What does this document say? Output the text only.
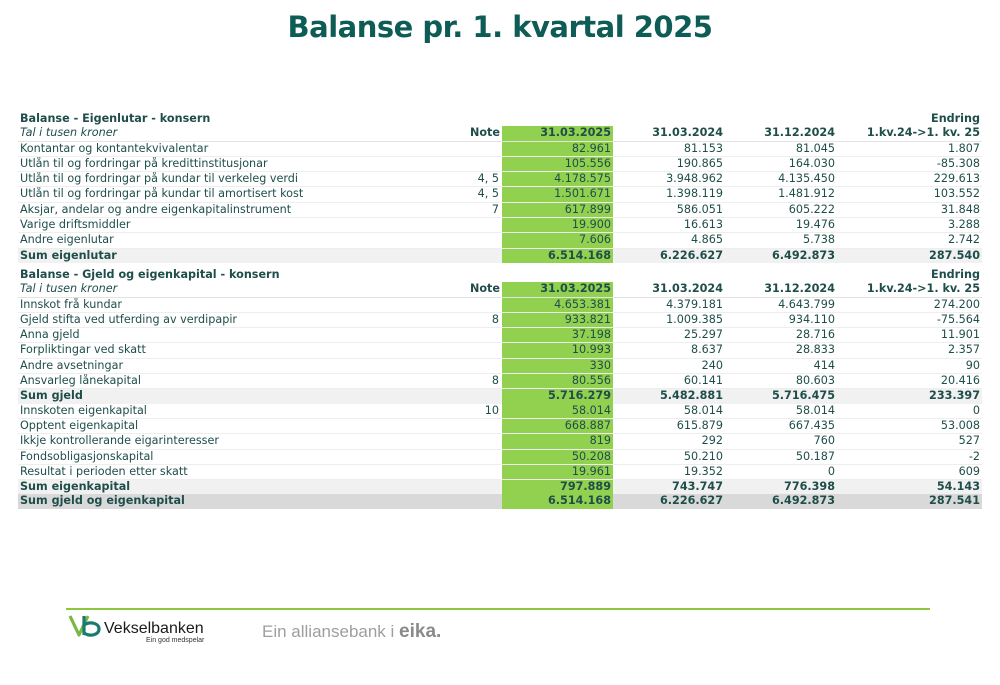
Balanse pr. 1. kvartal 2025
Balanse - Eigenlutar - konsern					Endring
Tal i tusen kroner	Note	31.03.2025	31.03.2024	31.12.2024	1.kv.24->1. kv. 25
Kontantar og kontantekvivalentar		82.961	81.153	81.045	1.807
Utlån til og fordringar på kredittinstitusjonar		105.556	190.865	164.030	-85.308
Utlån til og fordringar på kundar til verkeleg verdi	4, 5	4.178.575	3.948.962	4.135.450	229.613
Utlån til og fordringar på kundar til amortisert kost	4, 5	1.501.671	1.398.119	1.481.912	103.552
Aksjar, andelar og andre eigenkapitalinstrument	7	617.899	586.051	605.222	31.848
Varige driftsmiddler		19.900	16.613	19.476	3.288
Andre eigenlutar		7.606	4.865	5.738	2.742
Sum eigenlutar		6.514.168	6.226.627	6.492.873	287.540
Balanse - Gjeld og eigenkapital - konsern					Endring
Tal i tusen kroner	Note	31.03.2025	31.03.2024	31.12.2024	1.kv.24->1. kv. 25
Innskot frå kundar		4.653.381	4.379.181	4.643.799	274.200
Gjeld stifta ved utferding av verdipapir	8	933.821	1.009.385	934.110	-75.564
Anna gjeld		37.198	25.297	28.716	11.901
Forpliktingar ved skatt		10.993	8.637	28.833	2.357
Andre avsetningar		330	240	414	90
Ansvarleg lånekapital	8	80.556	60.141	80.603	20.416
Sum gjeld		5.716.279	5.482.881	5.716.475	233.397
Innskoten eigenkapital	10	58.014	58.014	58.014	0
Opptent eigenkapital		668.887	615.879	667.435	53.008
Ikkje kontrollerande eigarinteresser		819	292	760	527
Fondsobligasjonskapital		50.208	50.210	50.187	-2
Resultat i perioden etter skatt		19.961	19.352	0	609
Sum eigenkapital		797.889	743.747	776.398	54.143
Sum gjeld og eigenkapital		6.514.168	6.226.627	6.492.873	287.541
Vekselbanken
Ein god medspelar	Ein alliansebank i eika.
